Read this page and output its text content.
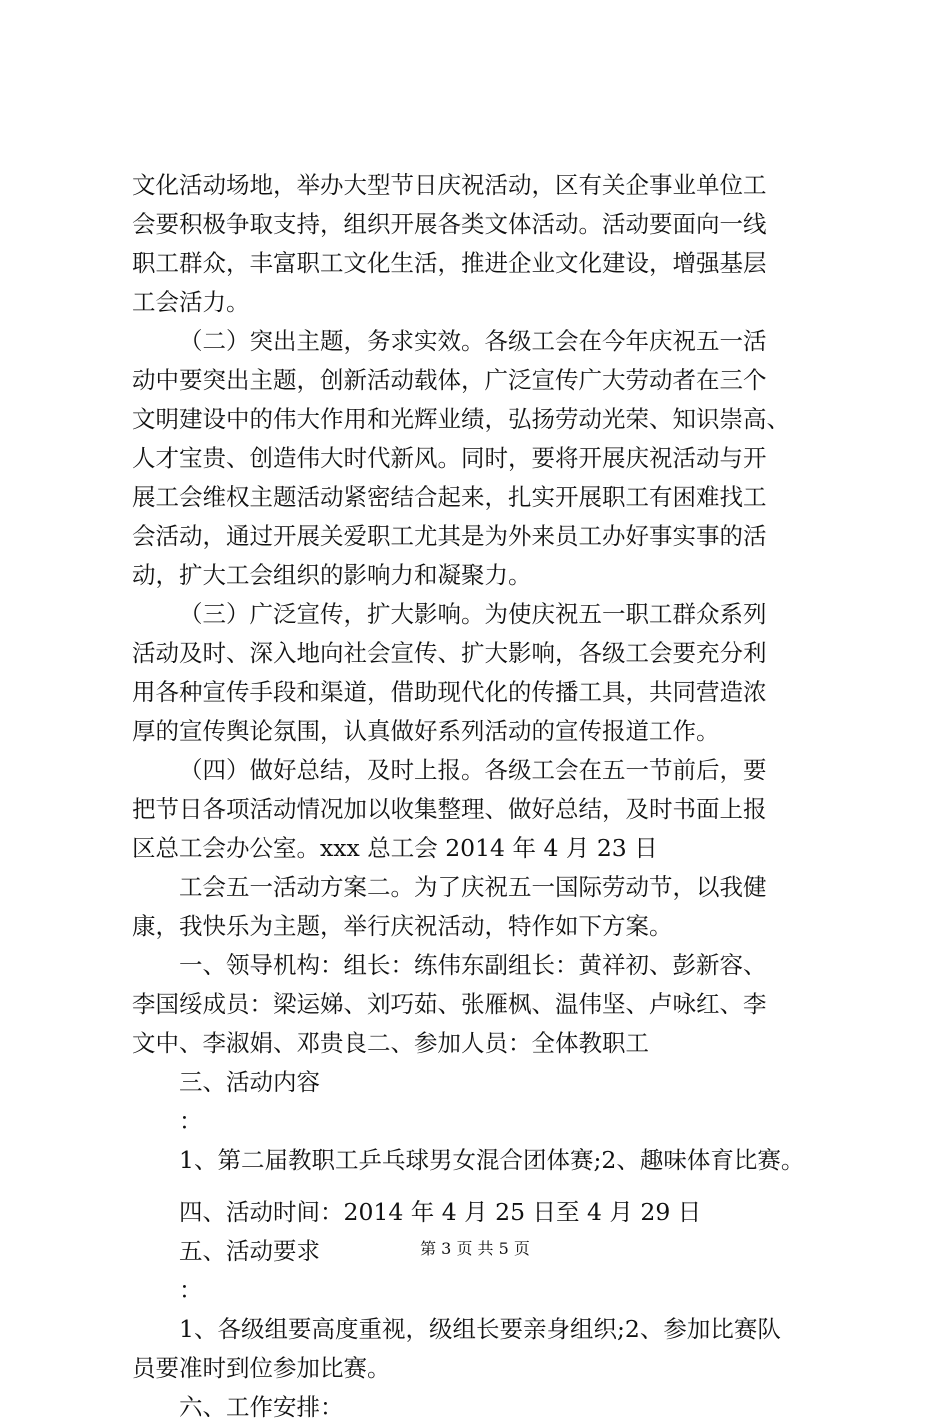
文化活动场地，举办大型节日庆祝活动，区有关企事业单位工
会要积极争取支持，组织开展各类文体活动。活动要面向一线
职工群众，丰富职工文化生活，推进企业文化建设，增强基层
工会活力。
（二）突出主题，务求实效。各级工会在今年庆祝五一活
动中要突出主题，创新活动载体，广泛宣传广大劳动者在三个
文明建设中的伟大作用和光辉业绩，弘扬劳动光荣、知识崇高、
人才宝贵、创造伟大时代新风。同时，要将开展庆祝活动与开
展工会维权主题活动紧密结合起来，扎实开展职工有困难找工
会活动，通过开展关爱职工尤其是为外来员工办好事实事的活
动，扩大工会组织的影响力和凝聚力。
（三）广泛宣传，扩大影响。为使庆祝五一职工群众系列
活动及时、深入地向社会宣传、扩大影响，各级工会要充分利
用各种宣传手段和渠道，借助现代化的传播工具，共同营造浓
厚的宣传舆论氛围，认真做好系列活动的宣传报道工作。
（四）做好总结，及时上报。各级工会在五一节前后，要
把节日各项活动情况加以收集整理、做好总结，及时书面上报
区总工会办公室。xxx 总工会 2014 年 4 月 23 日
工会五一活动方案二。为了庆祝五一国际劳动节，以我健
康，我快乐为主题，举行庆祝活动，特作如下方案。
一、领导机构：组长：练伟东副组长：黄祥初、彭新容、
李国绥成员：梁运娣、刘巧茹、张雁枫、温伟坚、卢咏红、李
文中、李淑娟、邓贵良二、参加人员：全体教职工
三、活动内容
：
1、第二届教职工乒乓球男女混合团体赛;2、趣味体育比赛。
四、活动时间：2014 年 4 月 25 日至 4 月 29 日
五、活动要求
：
1、各级组要高度重视，级组长要亲身组织;2、参加比赛队
员要准时到位参加比赛。
六、工作安排：
第 3 页 共 5 页
